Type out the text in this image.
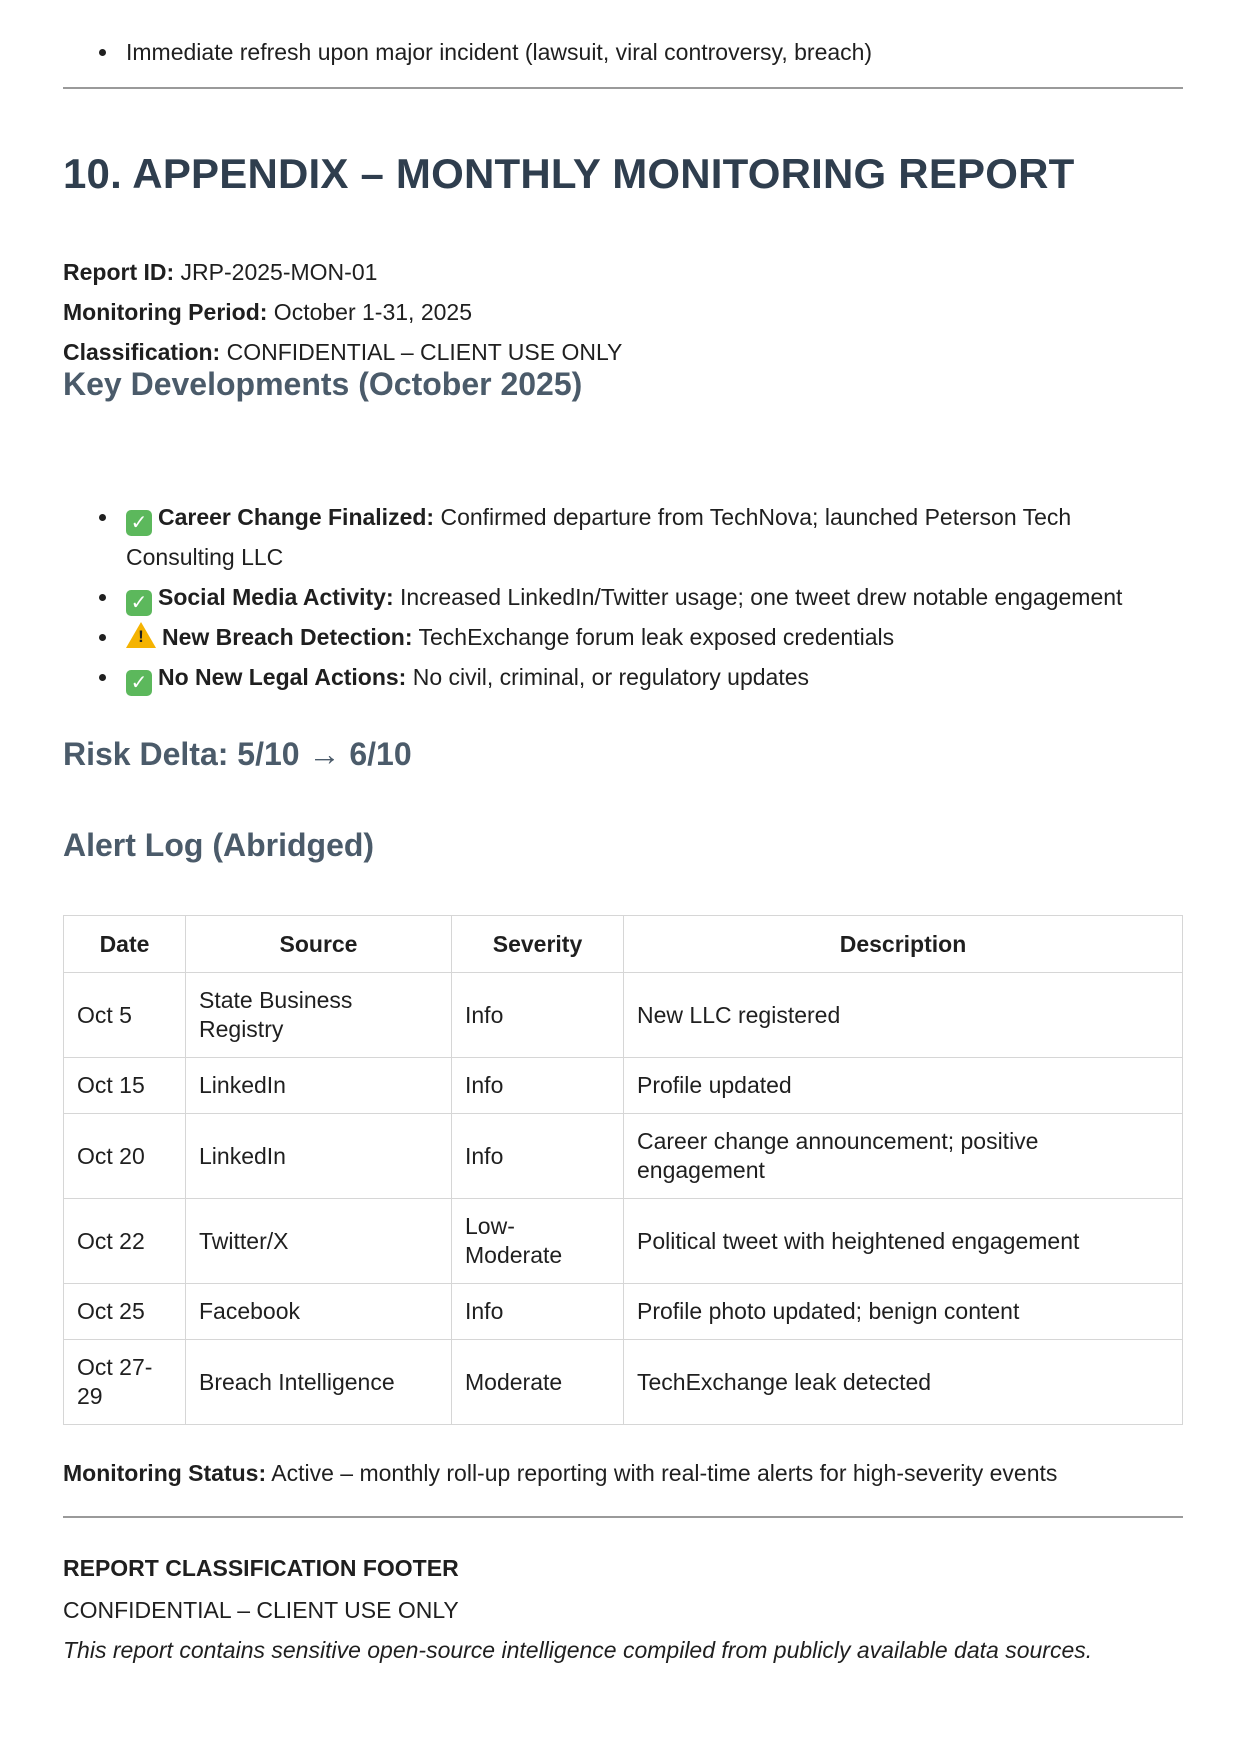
Immediate refresh upon major incident (lawsuit, viral controversy, breach)
10. APPENDIX – MONTHLY MONITORING REPORT
Report ID: JRP-2025-MON-01
Monitoring Period: October 1-31, 2025
Classification: CONFIDENTIAL – CLIENT USE ONLY
Key Developments (October 2025)
✓ Career Change Finalized: Confirmed departure from TechNova; launched Peterson Tech
Consulting LLC
✓ Social Media Activity: Increased LinkedIn/Twitter usage; one tweet drew notable engagement
! New Breach Detection: TechExchange forum leak exposed credentials
✓ No New Legal Actions: No civil, criminal, or regulatory updates
Risk Delta: 5/10 → 6/10
Alert Log (Abridged)
Date	Source	Severity	Description
Oct 5	State Business Registry	Info	New LLC registered
Oct 15	LinkedIn	Info	Profile updated
Oct 20	LinkedIn	Info	Career change announcement; positive engagement
Oct 22	Twitter/X	Low-Moderate	Political tweet with heightened engagement
Oct 25	Facebook	Info	Profile photo updated; benign content
Oct 27-29	Breach Intelligence	Moderate	TechExchange leak detected
Monitoring Status: Active – monthly roll-up reporting with real-time alerts for high-severity events
REPORT CLASSIFICATION FOOTER
CONFIDENTIAL – CLIENT USE ONLY
This report contains sensitive open-source intelligence compiled from publicly available data sources.
